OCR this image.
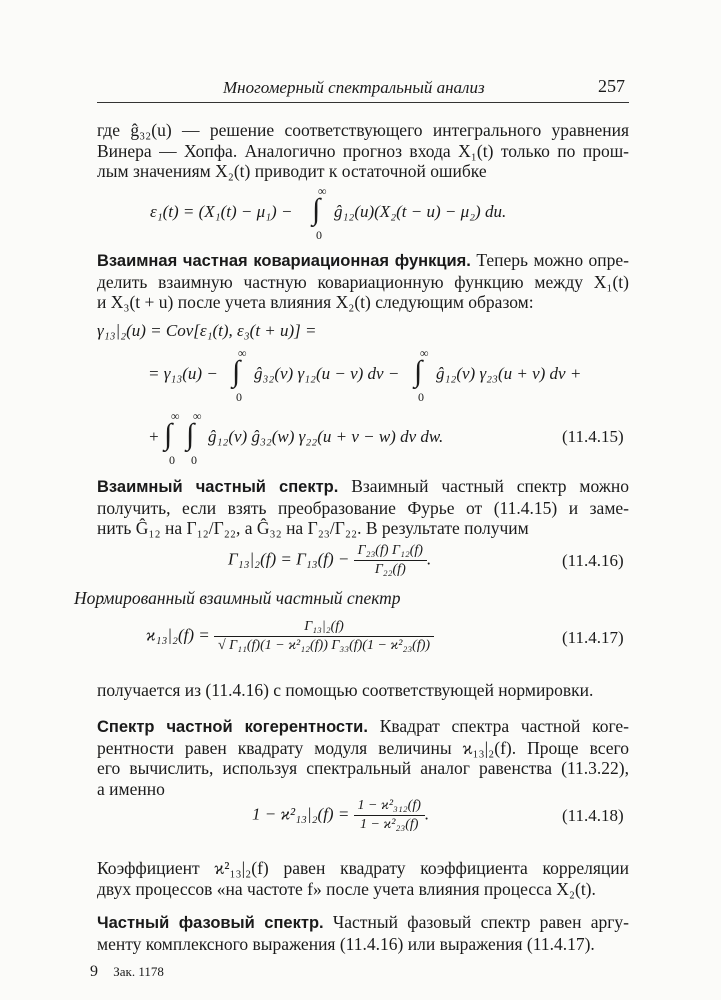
Многомерный спектральный анализ	257
где ĝ₃₂(u) — решение соответствующего интегрального уравнения
Винера — Хопфа. Аналогично прогноз входа X₁(t) только по прош-
лым значениям X₂(t) приводит к остаточной ошибке
ε₁(t) = (X₁(t) − μ₁) − ∫
∞
0
ĝ₁₂(u)(X₂(t − u) − μ₂) du.
Взаимная частная ковариационная функция. Теперь можно опре-
делить взаимную частную ковариационную функцию между X₁(t)
и X₃(t + u) после учета влияния X₂(t) следующим образом:
γ₁₃|₂(u) = Cov[ε₁(t), ε₃(t + u)] =
= γ₁₃(u) − ∫
∞
0
ĝ₃₂(v) γ₁₂(u − v) dv − ∫
∞
0
ĝ₁₂(v) γ₂₃(u + v) dv +
+ ∫
∞
0
∫
∞
0
ĝ₁₂(v) ĝ₃₂(w) γ₂₂(u + v − w) dv dw.	(11.4.15)
Взаимный частный спектр. Взаимный частный спектр можно
получить, если взять преобразование Фурье от (11.4.15) и заме-
нить Ĝ₁₂ на Γ₁₂/Γ₂₂, а Ĝ₃₂ на Γ₂₃/Γ₂₂. В результате получим
$\Gamma_{13}|_2(f) = \Gamma_{13}(f) - \frac{\text{Γ₂₃(f) Γ₁₂(f)}}{\text{Γ₂₂(f)}}$ .	(11.4.16)
Нормированный взаимный частный спектр
$ϰ_{13}|_2(f) = \frac{\text{Γ₁₃|₂(f)}}{\text{√ Γ₁₁(f)(1 − ϰ²₁₂(f)) Γ₃₃(f)(1 − ϰ²₂₃(f))}}$	(11.4.17)
получается из (11.4.16) с помощью соответствующей нормировки.
Спектр частной когерентности. Квадрат спектра частной коге-
рентности равен квадрату модуля величины ϰ₁₃|₂(f). Проще всего
его вычислить, используя спектральный аналог равенства (11.3.22),
а именно
$1 - ϰ^2_{13}|_2(f) = \frac{\text{1 − ϰ²₃₁₂(f)}}{\text{1 − ϰ²₂₃(f)}}$ .	(11.4.18)
Коэффициент ϰ²₁₃|₂(f) равен квадрату коэффициента корреляции
двух процессов «на частоте f» после учета влияния процесса X₂(t).
Частный фазовый спектр. Частный фазовый спектр равен аргу-
менту комплексного выражения (11.4.16) или выражения (11.4.17).
9 Зак. 1178
